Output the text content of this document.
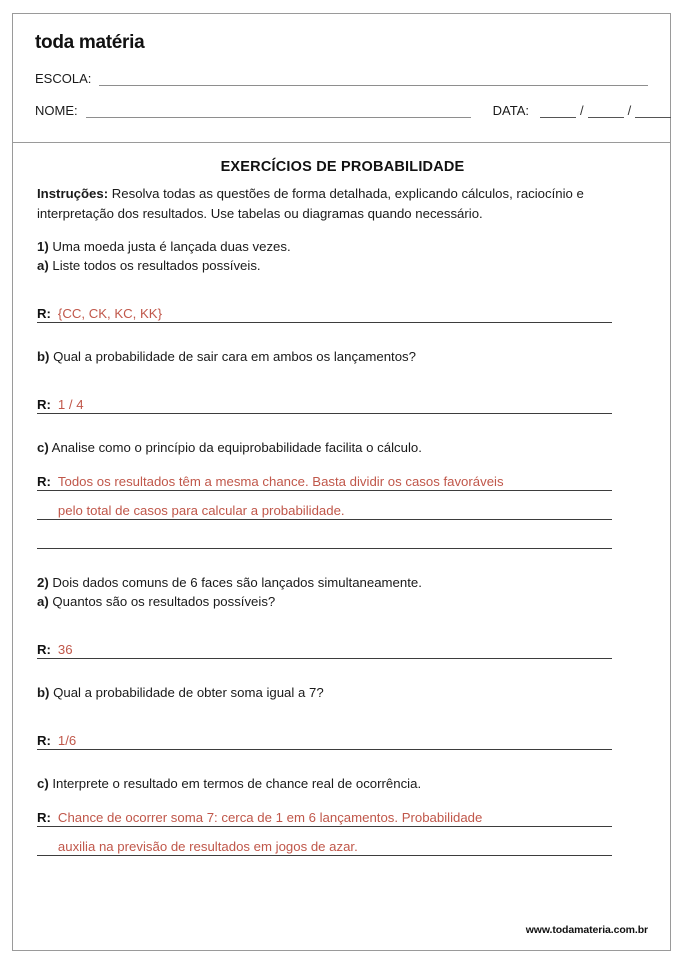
toda matéria
ESCOLA:
NOME:	DATA:	/	/
EXERCÍCIOS DE PROBABILIDADE

Instruções: Resolva todas as questões de forma detalhada, explicando cálculos, raciocínio e interpretação dos resultados. Use tabelas ou diagramas quando necessário.

1) Uma moeda justa é lançada duas vezes.

a) Liste todos os resultados possíveis.

R: {CC, CK, KC, KK}

b) Qual a probabilidade de sair cara em ambos os lançamentos?

R: 1 / 4

c) Analise como o princípio da equiprobabilidade facilita o cálculo.

R: Todos os resultados têm a mesma chance. Basta dividir os casos favoráveis
pelo total de casos para calcular a probabilidade.

2) Dois dados comuns de 6 faces são lançados simultaneamente.

a) Quantos são os resultados possíveis?

R: 36

b) Qual a probabilidade de obter soma igual a 7?

R: 1/6

c) Interprete o resultado em termos de chance real de ocorrência.

R: Chance de ocorrer soma 7: cerca de 1 em 6 lançamentos. Probabilidade
auxilia na previsão de resultados em jogos de azar.
www.todamateria.com.br
